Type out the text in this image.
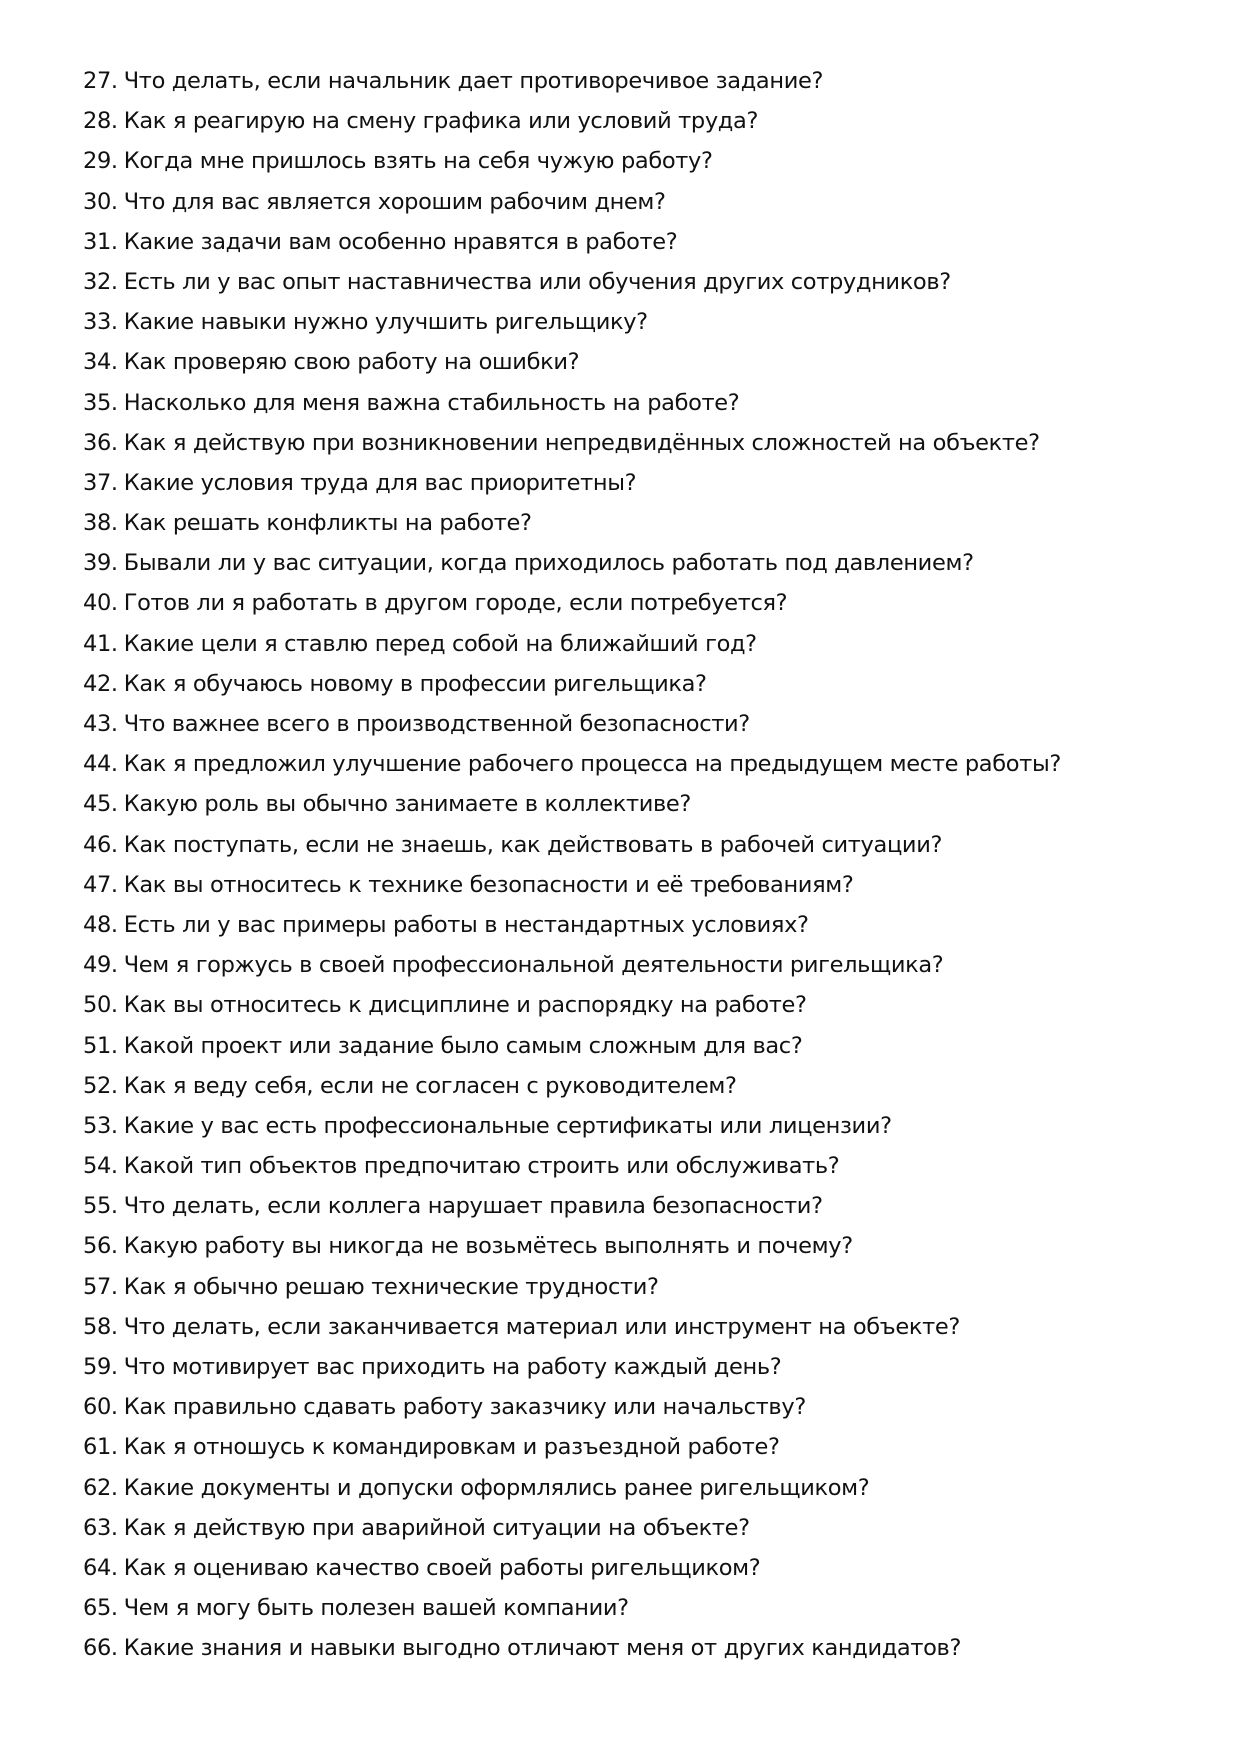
27. Что делать, если начальник дает противоречивое задание?
28. Как я реагирую на смену графика или условий труда?
29. Когда мне пришлось взять на себя чужую работу?
30. Что для вас является хорошим рабочим днем?
31. Какие задачи вам особенно нравятся в работе?
32. Есть ли у вас опыт наставничества или обучения других сотрудников?
33. Какие навыки нужно улучшить ригельщику?
34. Как проверяю свою работу на ошибки?
35. Насколько для меня важна стабильность на работе?
36. Как я действую при возникновении непредвидённых сложностей на объекте?
37. Какие условия труда для вас приоритетны?
38. Как решать конфликты на работе?
39. Бывали ли у вас ситуации, когда приходилось работать под давлением?
40. Готов ли я работать в другом городе, если потребуется?
41. Какие цели я ставлю перед собой на ближайший год?
42. Как я обучаюсь новому в профессии ригельщика?
43. Что важнее всего в производственной безопасности?
44. Как я предложил улучшение рабочего процесса на предыдущем месте работы?
45. Какую роль вы обычно занимаете в коллективе?
46. Как поступать, если не знаешь, как действовать в рабочей ситуации?
47. Как вы относитесь к технике безопасности и её требованиям?
48. Есть ли у вас примеры работы в нестандартных условиях?
49. Чем я горжусь в своей профессиональной деятельности ригельщика?
50. Как вы относитесь к дисциплине и распорядку на работе?
51. Какой проект или задание было самым сложным для вас?
52. Как я веду себя, если не согласен с руководителем?
53. Какие у вас есть профессиональные сертификаты или лицензии?
54. Какой тип объектов предпочитаю строить или обслуживать?
55. Что делать, если коллега нарушает правила безопасности?
56. Какую работу вы никогда не возьмётесь выполнять и почему?
57. Как я обычно решаю технические трудности?
58. Что делать, если заканчивается материал или инструмент на объекте?
59. Что мотивирует вас приходить на работу каждый день?
60. Как правильно сдавать работу заказчику или начальству?
61. Как я отношусь к командировкам и разъездной работе?
62. Какие документы и допуски оформлялись ранее ригельщиком?
63. Как я действую при аварийной ситуации на объекте?
64. Как я оцениваю качество своей работы ригельщиком?
65. Чем я могу быть полезен вашей компании?
66. Какие знания и навыки выгодно отличают меня от других кандидатов?
